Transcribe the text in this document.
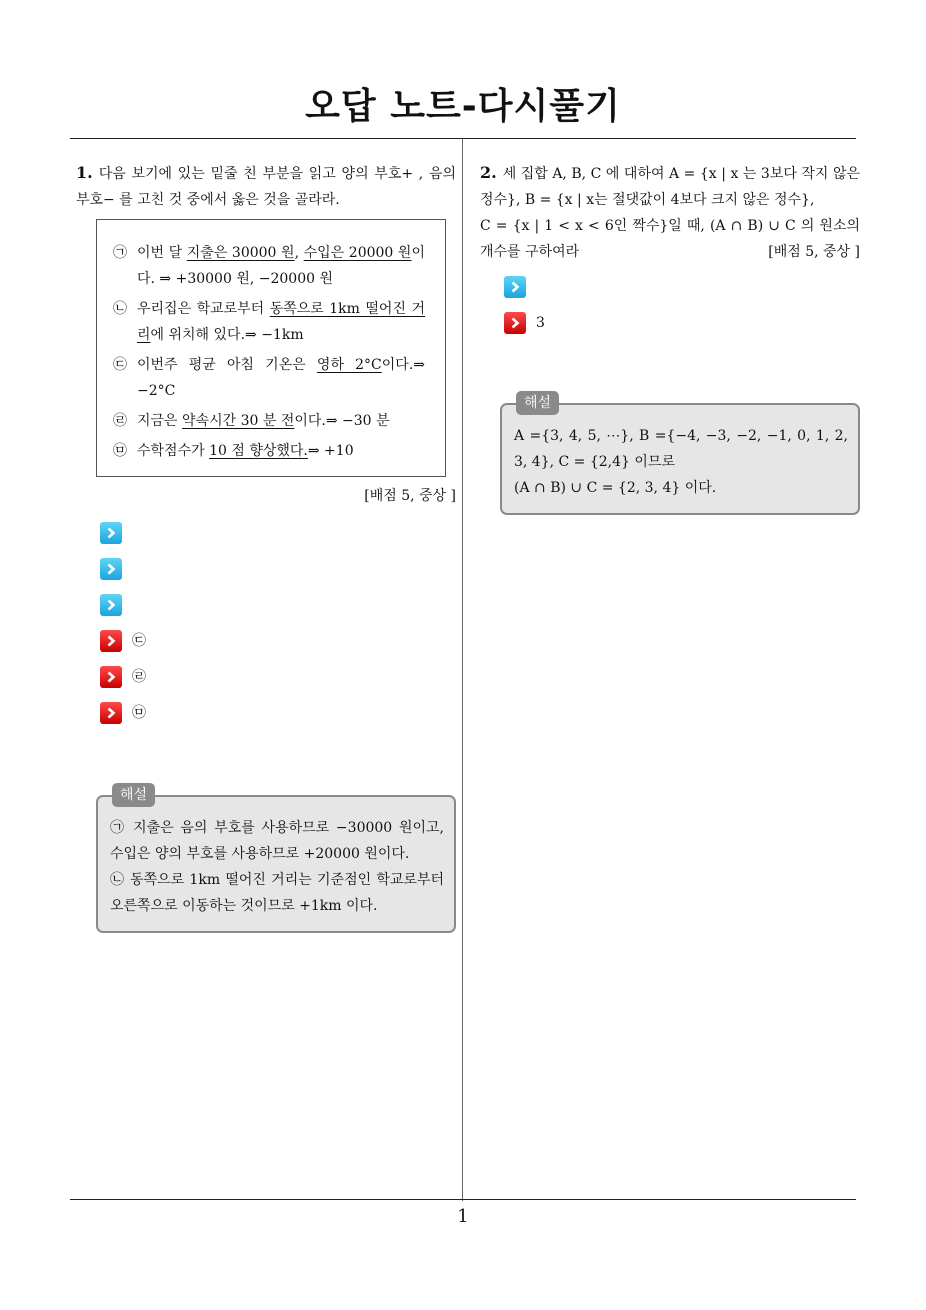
오답 노트-다시풀기
1. 다음 보기에 있는 밑줄 친 부분을 읽고 양의 부호+ , 음의 부호− 를 고친 것 중에서 옳은 것을 골라라.
㉠ 이번 달 지출은 30000 원, 수입은 20000 원이다. ⇒ +30000 원, −20000 원
㉡ 우리집은 학교로부터 동쪽으로 1km 떨어진 거리에 위치해 있다.⇒ −1km
㉢ 이번주 평균 아침 기온은 영하 2°C이다.⇒ −2°C
㉣ 지금은 약속시간 30 분 전이다.⇒ −30 분
㉤ 수학점수가 10 점 향상했다.⇒ +10
[배점 5, 중상 ]
㉢
㉣
㉤
해설
㉠ 지출은 음의 부호를 사용하므로 −30000 원이고, 수입은 양의 부호를 사용하므로 +20000 원이다.
㉡ 동쪽으로 1km 떨어진 거리는 기준점인 학교로부터 오른쪽으로 이동하는 것이므로 +1km 이다.
2. 세 집합 A, B, C 에 대하여 A = {x | x 는 3보다 작지 않은 정수}, B = {x | x는 절댓값이 4보다 크지 않은 정수},
C = {x | 1 < x < 6인 짝수}일 때, (A ∩ B) ∪ C 의 원소의 개수를 구하여라	[배점 5, 중상 ]
3
해설
A ={3, 4, 5, ⋯}, B ={−4, −3, −2, −1, 0, 1, 2, 3, 4}, C = {2,4} 이므로
(A ∩ B) ∪ C = {2, 3, 4} 이다.
1
